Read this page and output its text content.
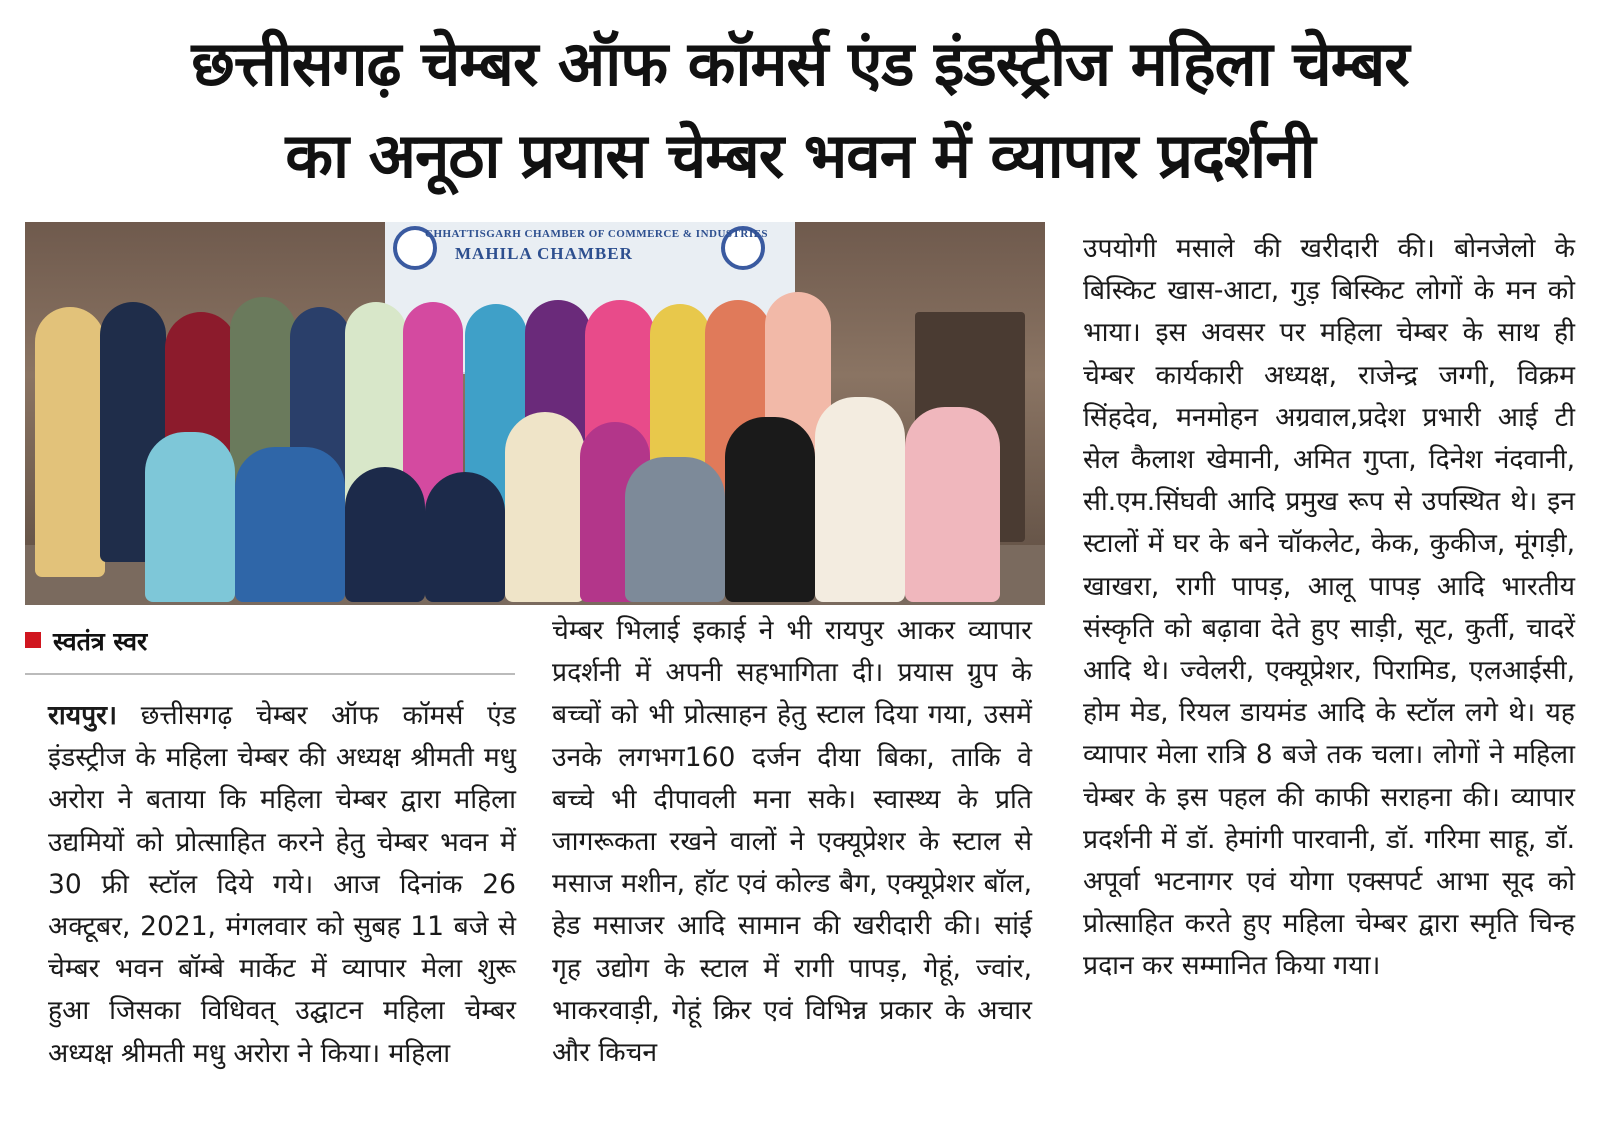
छत्तीसगढ़ चेम्बर ऑफ कॉमर्स एंड इंडस्ट्रीज महिला चेम्बर
का अनूठा प्रयास चेम्बर भवन में व्यापार प्रदर्शनी
CHHATTISGARH CHAMBER OF COMMERCE & INDUSTRIES
MAHILA CHAMBER
स्वतंत्र स्वर

रायपुर। छत्तीसगढ़ चेम्बर ऑफ कॉमर्स एंड इंडस्ट्रीज के महिला चेम्बर की अध्यक्ष श्रीमती मधु अरोरा ने बताया कि महिला चेम्बर द्वारा महिला उद्यमियों को प्रोत्साहित करने हेतु चेम्बर भवन में 30 फ्री स्टॉल दिये गये। आज दिनांक 26 अक्टूबर, 2021, मंगलवार को सुबह 11 बजे से चेम्बर भवन बॉम्बे मार्केट में व्यापार मेला शुरू हुआ जिसका विधिवत् उद्घाटन महिला चेम्बर अध्यक्ष श्रीमती मधु अरोरा ने किया। महिला

चेम्बर भिलाई इकाई ने भी रायपुर आकर व्यापार प्रदर्शनी में अपनी सहभागिता दी। प्रयास ग्रुप के बच्चों को भी प्रोत्साहन हेतु स्टाल दिया गया, उसमें उनके लगभग160 दर्जन दीया बिका, ताकि वे बच्चे भी दीपावली मना सके। स्वास्थ्य के प्रति जागरूकता रखने वालों ने एक्यूप्रेशर के स्टाल से मसाज मशीन, हॉट एवं कोल्ड बैग, एक्यूप्रेशर बॉल, हेड मसाजर आदि सामान की खरीदारी की। सांई गृह उद्योग के स्टाल में रागी पापड़, गेहूं, ज्वांर, भाकरवाड़ी, गेहूं क्रिर एवं विभिन्न प्रकार के अचार और किचन

उपयोगी मसाले की खरीदारी की। बोनजेलो के बिस्किट खास-आटा, गुड़ बिस्किट लोगों के मन को भाया। इस अवसर पर महिला चेम्बर के साथ ही चेम्बर कार्यकारी अध्यक्ष, राजेन्द्र जग्गी, विक्रम सिंहदेव, मनमोहन अग्रवाल,प्रदेश प्रभारी आई टी सेल कैलाश खेमानी, अमित गुप्ता, दिनेश नंदवानी, सी.एम.सिंघवी आदि प्रमुख रूप से उपस्थित थे। इन स्टालों में घर के बने चॉकलेट, केक, कुकीज, मूंगड़ी, खाखरा, रागी पापड़, आलू पापड़ आदि भारतीय संस्कृति को बढ़ावा देते हुए साड़ी, सूट, कुर्ती, चादरें आदि थे। ज्वेलरी, एक्यूप्रेशर, पिरामिड, एलआईसी, होम मेड, रियल डायमंड आदि के स्टॉल लगे थे। यह व्यापार मेला रात्रि 8 बजे तक चला। लोगों ने महिला चेम्बर के इस पहल की काफी सराहना की। व्यापार प्रदर्शनी में डॉ. हेमांगी पारवानी, डॉ. गरिमा साहू, डॉ. अपूर्वा भटनागर एवं योगा एक्सपर्ट आभा सूद को प्रोत्साहित करते हुए महिला चेम्बर द्वारा स्मृति चिन्ह प्रदान कर सम्मानित किया गया।
